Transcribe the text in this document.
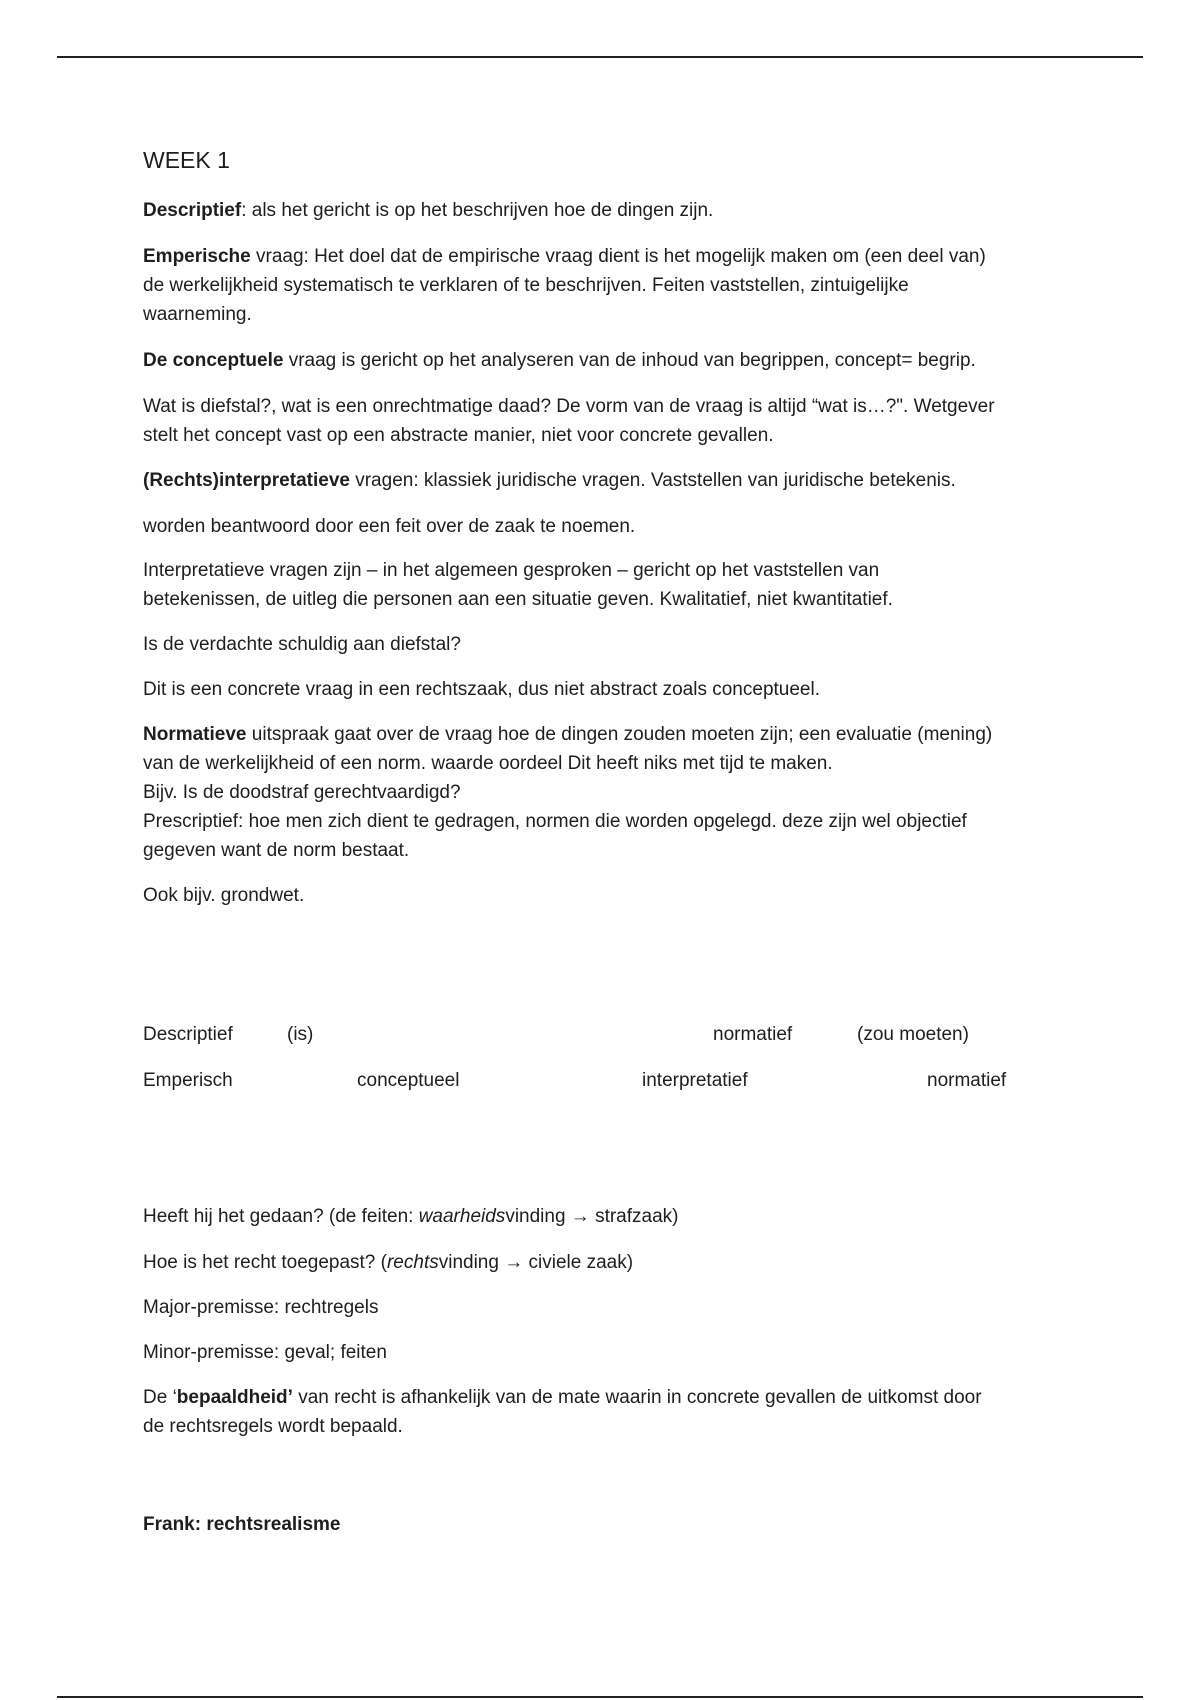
WEEK 1
Descriptief: als het gericht is op het beschrijven hoe de dingen zijn.
Emperische vraag: Het doel dat de empirische vraag dient is het mogelijk maken om (een deel van)
de werkelijkheid systematisch te verklaren of te beschrijven. Feiten vaststellen, zintuigelijke
waarneming.
De conceptuele vraag is gericht op het analyseren van de inhoud van begrippen, concept= begrip.
Wat is diefstal?, wat is een onrechtmatige daad? De vorm van de vraag is altijd “wat is…?". Wetgever
stelt het concept vast op een abstracte manier, niet voor concrete gevallen.
(Rechts)interpretatieve vragen: klassiek juridische vragen. Vaststellen van juridische betekenis.
worden beantwoord door een feit over de zaak te noemen.
Interpretatieve vragen zijn – in het algemeen gesproken – gericht op het vaststellen van
betekenissen, de uitleg die personen aan een situatie geven. Kwalitatief, niet kwantitatief.
Is de verdachte schuldig aan diefstal?
Dit is een concrete vraag in een rechtszaak, dus niet abstract zoals conceptueel.
Normatieve uitspraak gaat over de vraag hoe de dingen zouden moeten zijn; een evaluatie (mening)
van de werkelijkheid of een norm. waarde oordeel Dit heeft niks met tijd te maken.
Bijv. Is de doodstraf gerechtvaardigd?
Prescriptief: hoe men zich dient te gedragen, normen die worden opgelegd. deze zijn wel objectief
gegeven want de norm bestaat.
Ook bijv. grondwet.
Descriptief	(is)	normatief	(zou moeten)
Emperisch	conceptueel	interpretatief	normatief
Heeft hij het gedaan? (de feiten: waarheidsvinding → strafzaak)
Hoe is het recht toegepast? (rechtsvinding → civiele zaak)
Major-premisse: rechtregels
Minor-premisse: geval; feiten
De ‘bepaaldheid’ van recht is afhankelijk van de mate waarin in concrete gevallen de uitkomst door
de rechtsregels wordt bepaald.
Frank: rechtsrealisme
